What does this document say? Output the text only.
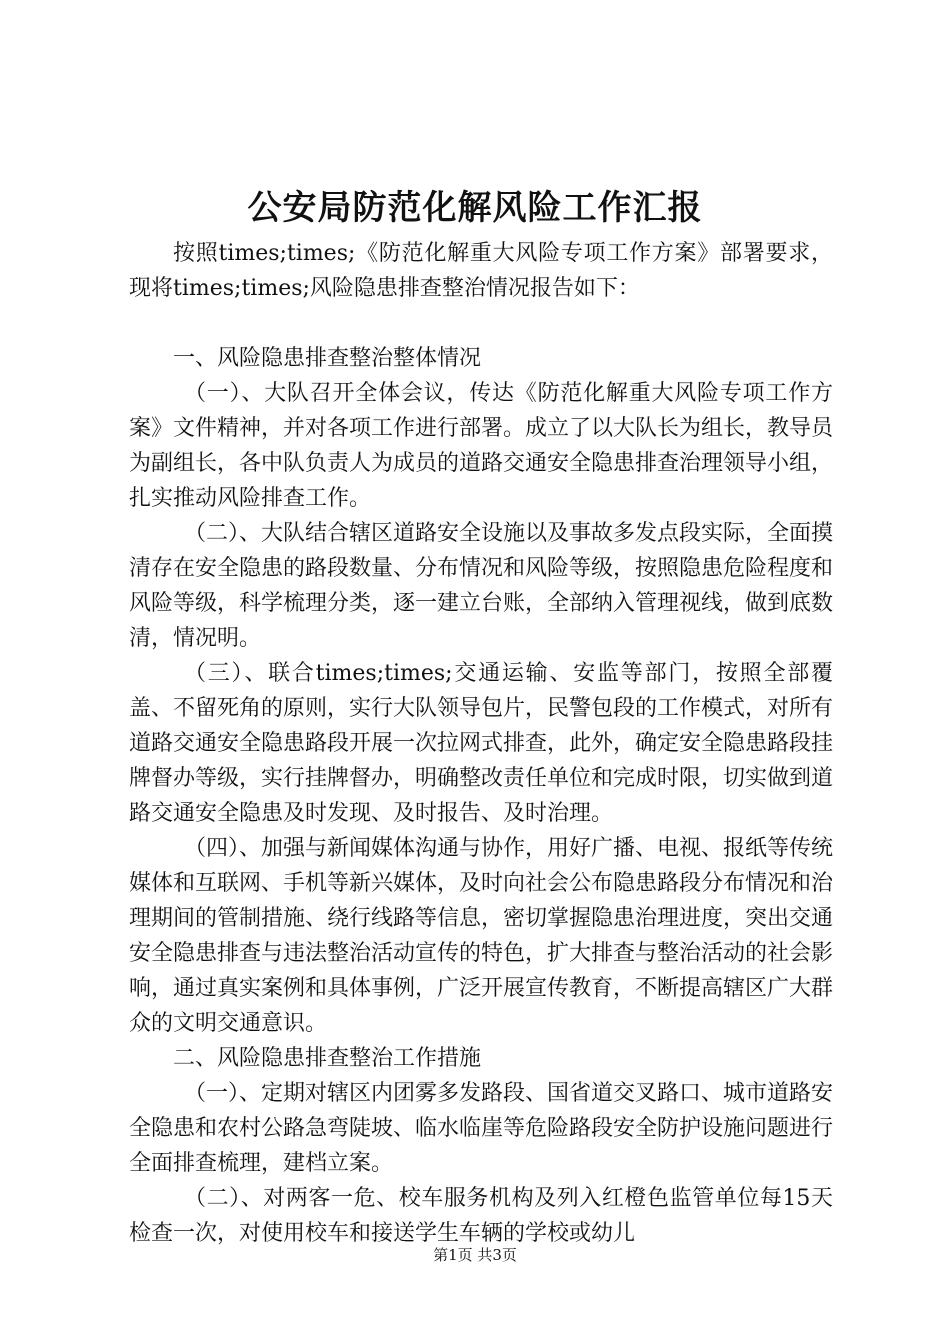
公安局防范化解风险工作汇报

按照times;times;《防范化解重大风险专项工作方案》部署要求，现将times;times;风险隐患排查整治情况报告如下：

一、风险隐患排查整治整体情况

（一）、大队召开全体会议，传达《防范化解重大风险专项工作方案》文件精神，并对各项工作进行部署。成立了以大队长为组长，教导员为副组长，各中队负责人为成员的道路交通安全隐患排查治理领导小组，扎实推动风险排查工作。

（二）、大队结合辖区道路安全设施以及事故多发点段实际，全面摸清存在安全隐患的路段数量、分布情况和风险等级，按照隐患危险程度和风险等级，科学梳理分类，逐一建立台账，全部纳入管理视线，做到底数清，情况明。

（三）、联合times;times;交通运输、安监等部门，按照全部覆盖、不留死角的原则，实行大队领导包片，民警包段的工作模式，对所有道路交通安全隐患路段开展一次拉网式排查，此外，确定安全隐患路段挂牌督办等级，实行挂牌督办，明确整改责任单位和完成时限，切实做到道路交通安全隐患及时发现、及时报告、及时治理。

（四）、加强与新闻媒体沟通与协作，用好广播、电视、报纸等传统媒体和互联网、手机等新兴媒体，及时向社会公布隐患路段分布情况和治理期间的管制措施、绕行线路等信息，密切掌握隐患治理进度，突出交通安全隐患排查与违法整治活动宣传的特色，扩大排查与整治活动的社会影响，通过真实案例和具体事例，广泛开展宣传教育，不断提高辖区广大群众的文明交通意识。

二、风险隐患排查整治工作措施

（一）、定期对辖区内团雾多发路段、国省道交叉路口、城市道路安全隐患和农村公路急弯陡坡、临水临崖等危险路段安全防护设施问题进行全面排查梳理，建档立案。

（二）、对两客一危、校车服务机构及列入红橙色监管单位每15天检查一次，对使用校车和接送学生车辆的学校或幼儿

第1页 共3页
